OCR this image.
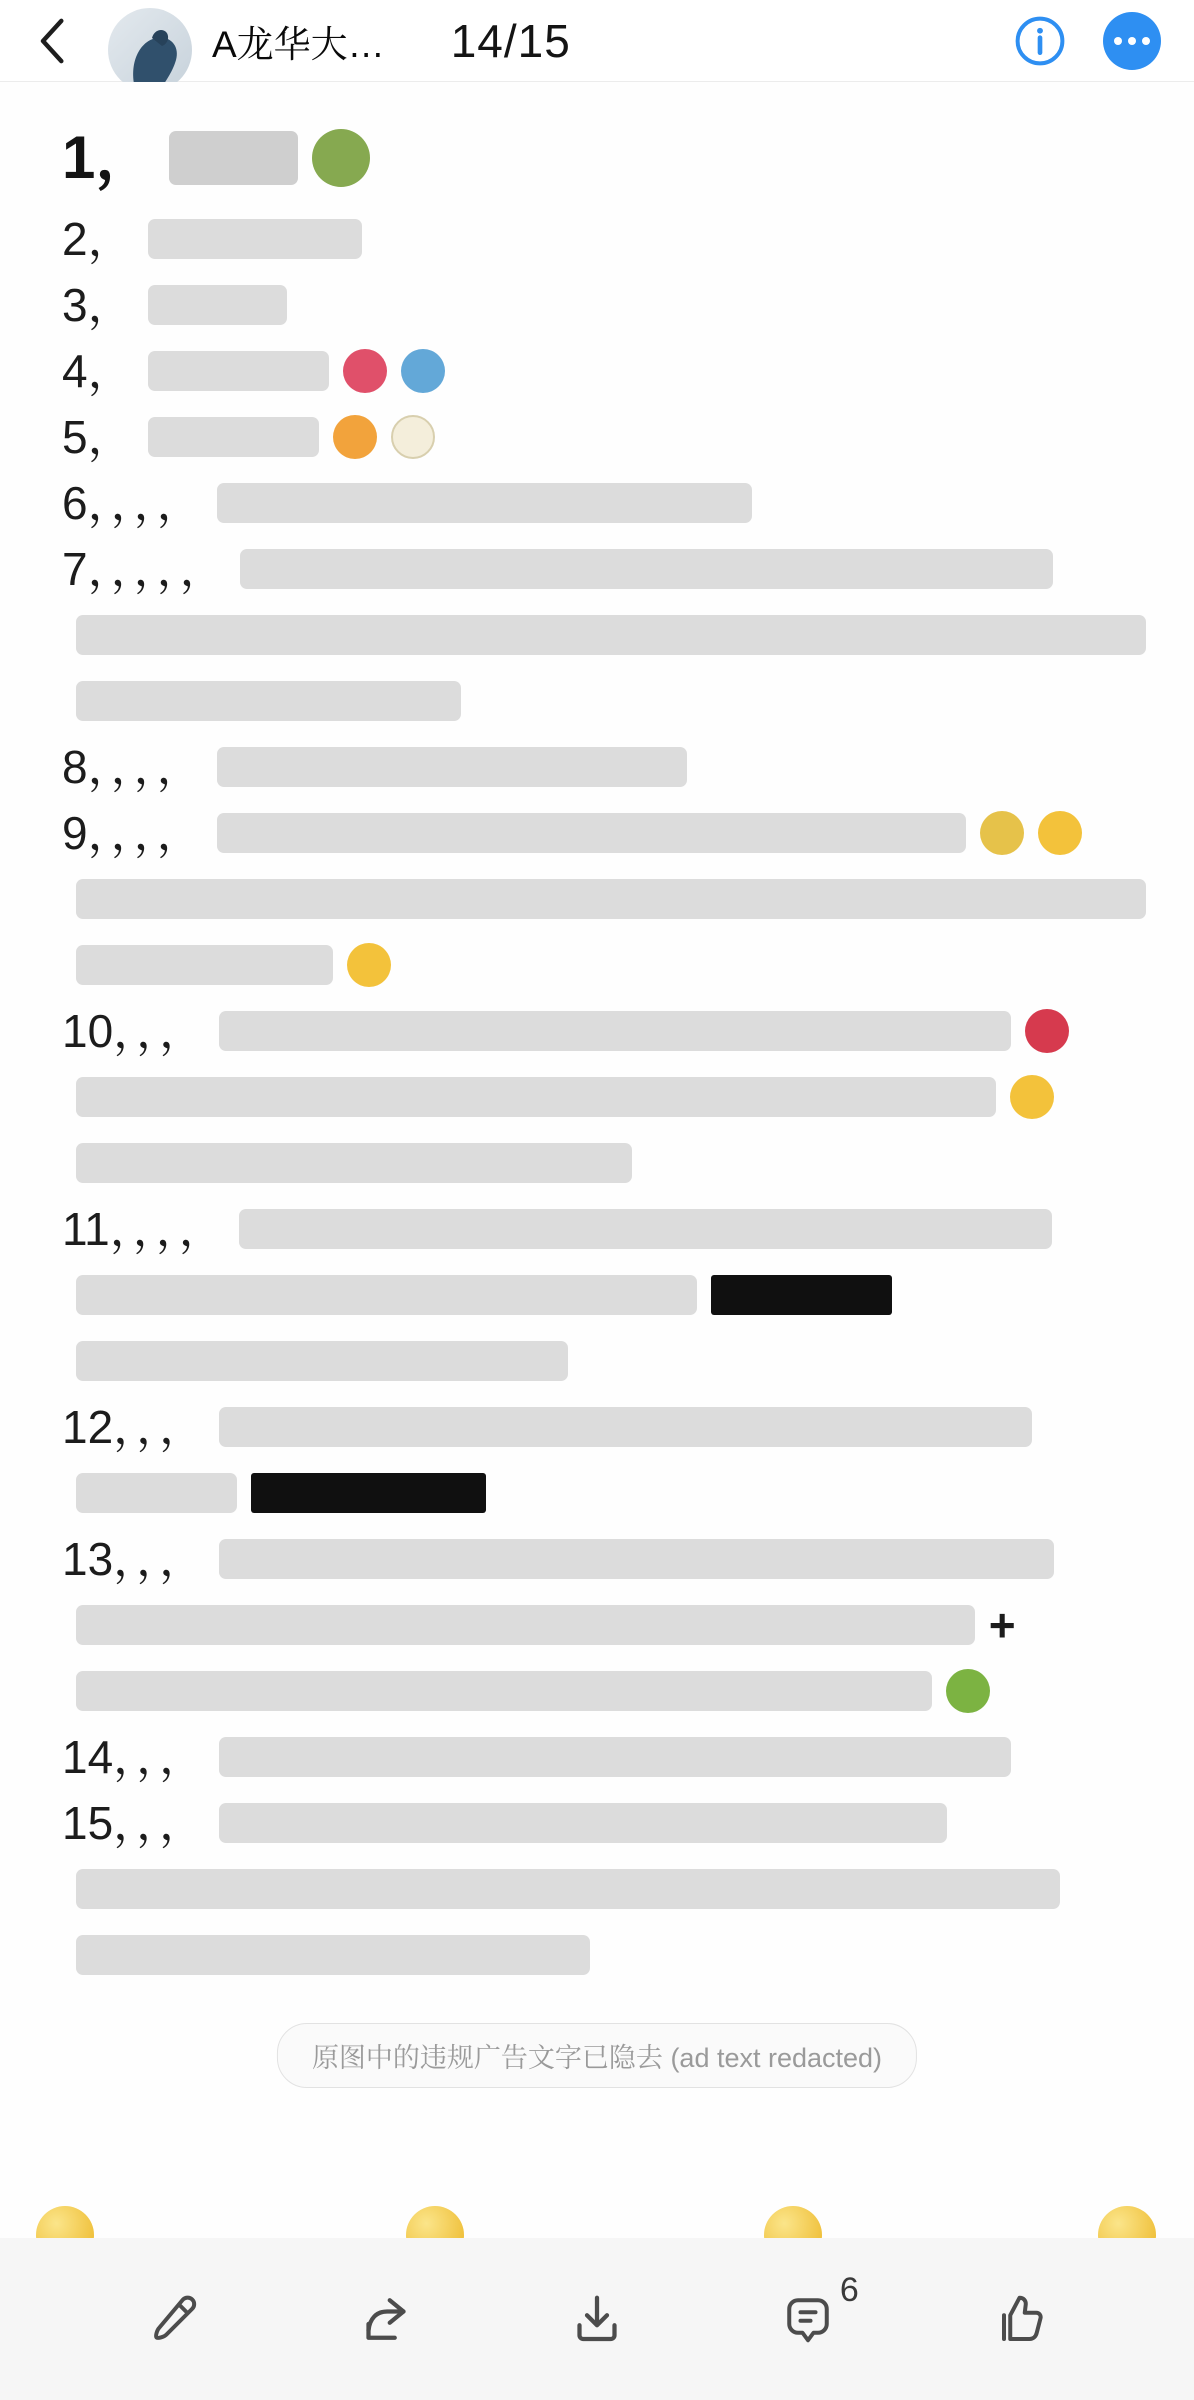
A龙华大… 14/15
1，
2，
3，
4，
5，
6，，，，
7，，，，，
8，，，，
9，，，，
10，，，
11，，，，
12，，，
13，，，
+
14，，，
15，，，
原图中的违规广告文字已隐去 (ad text redacted)
6
